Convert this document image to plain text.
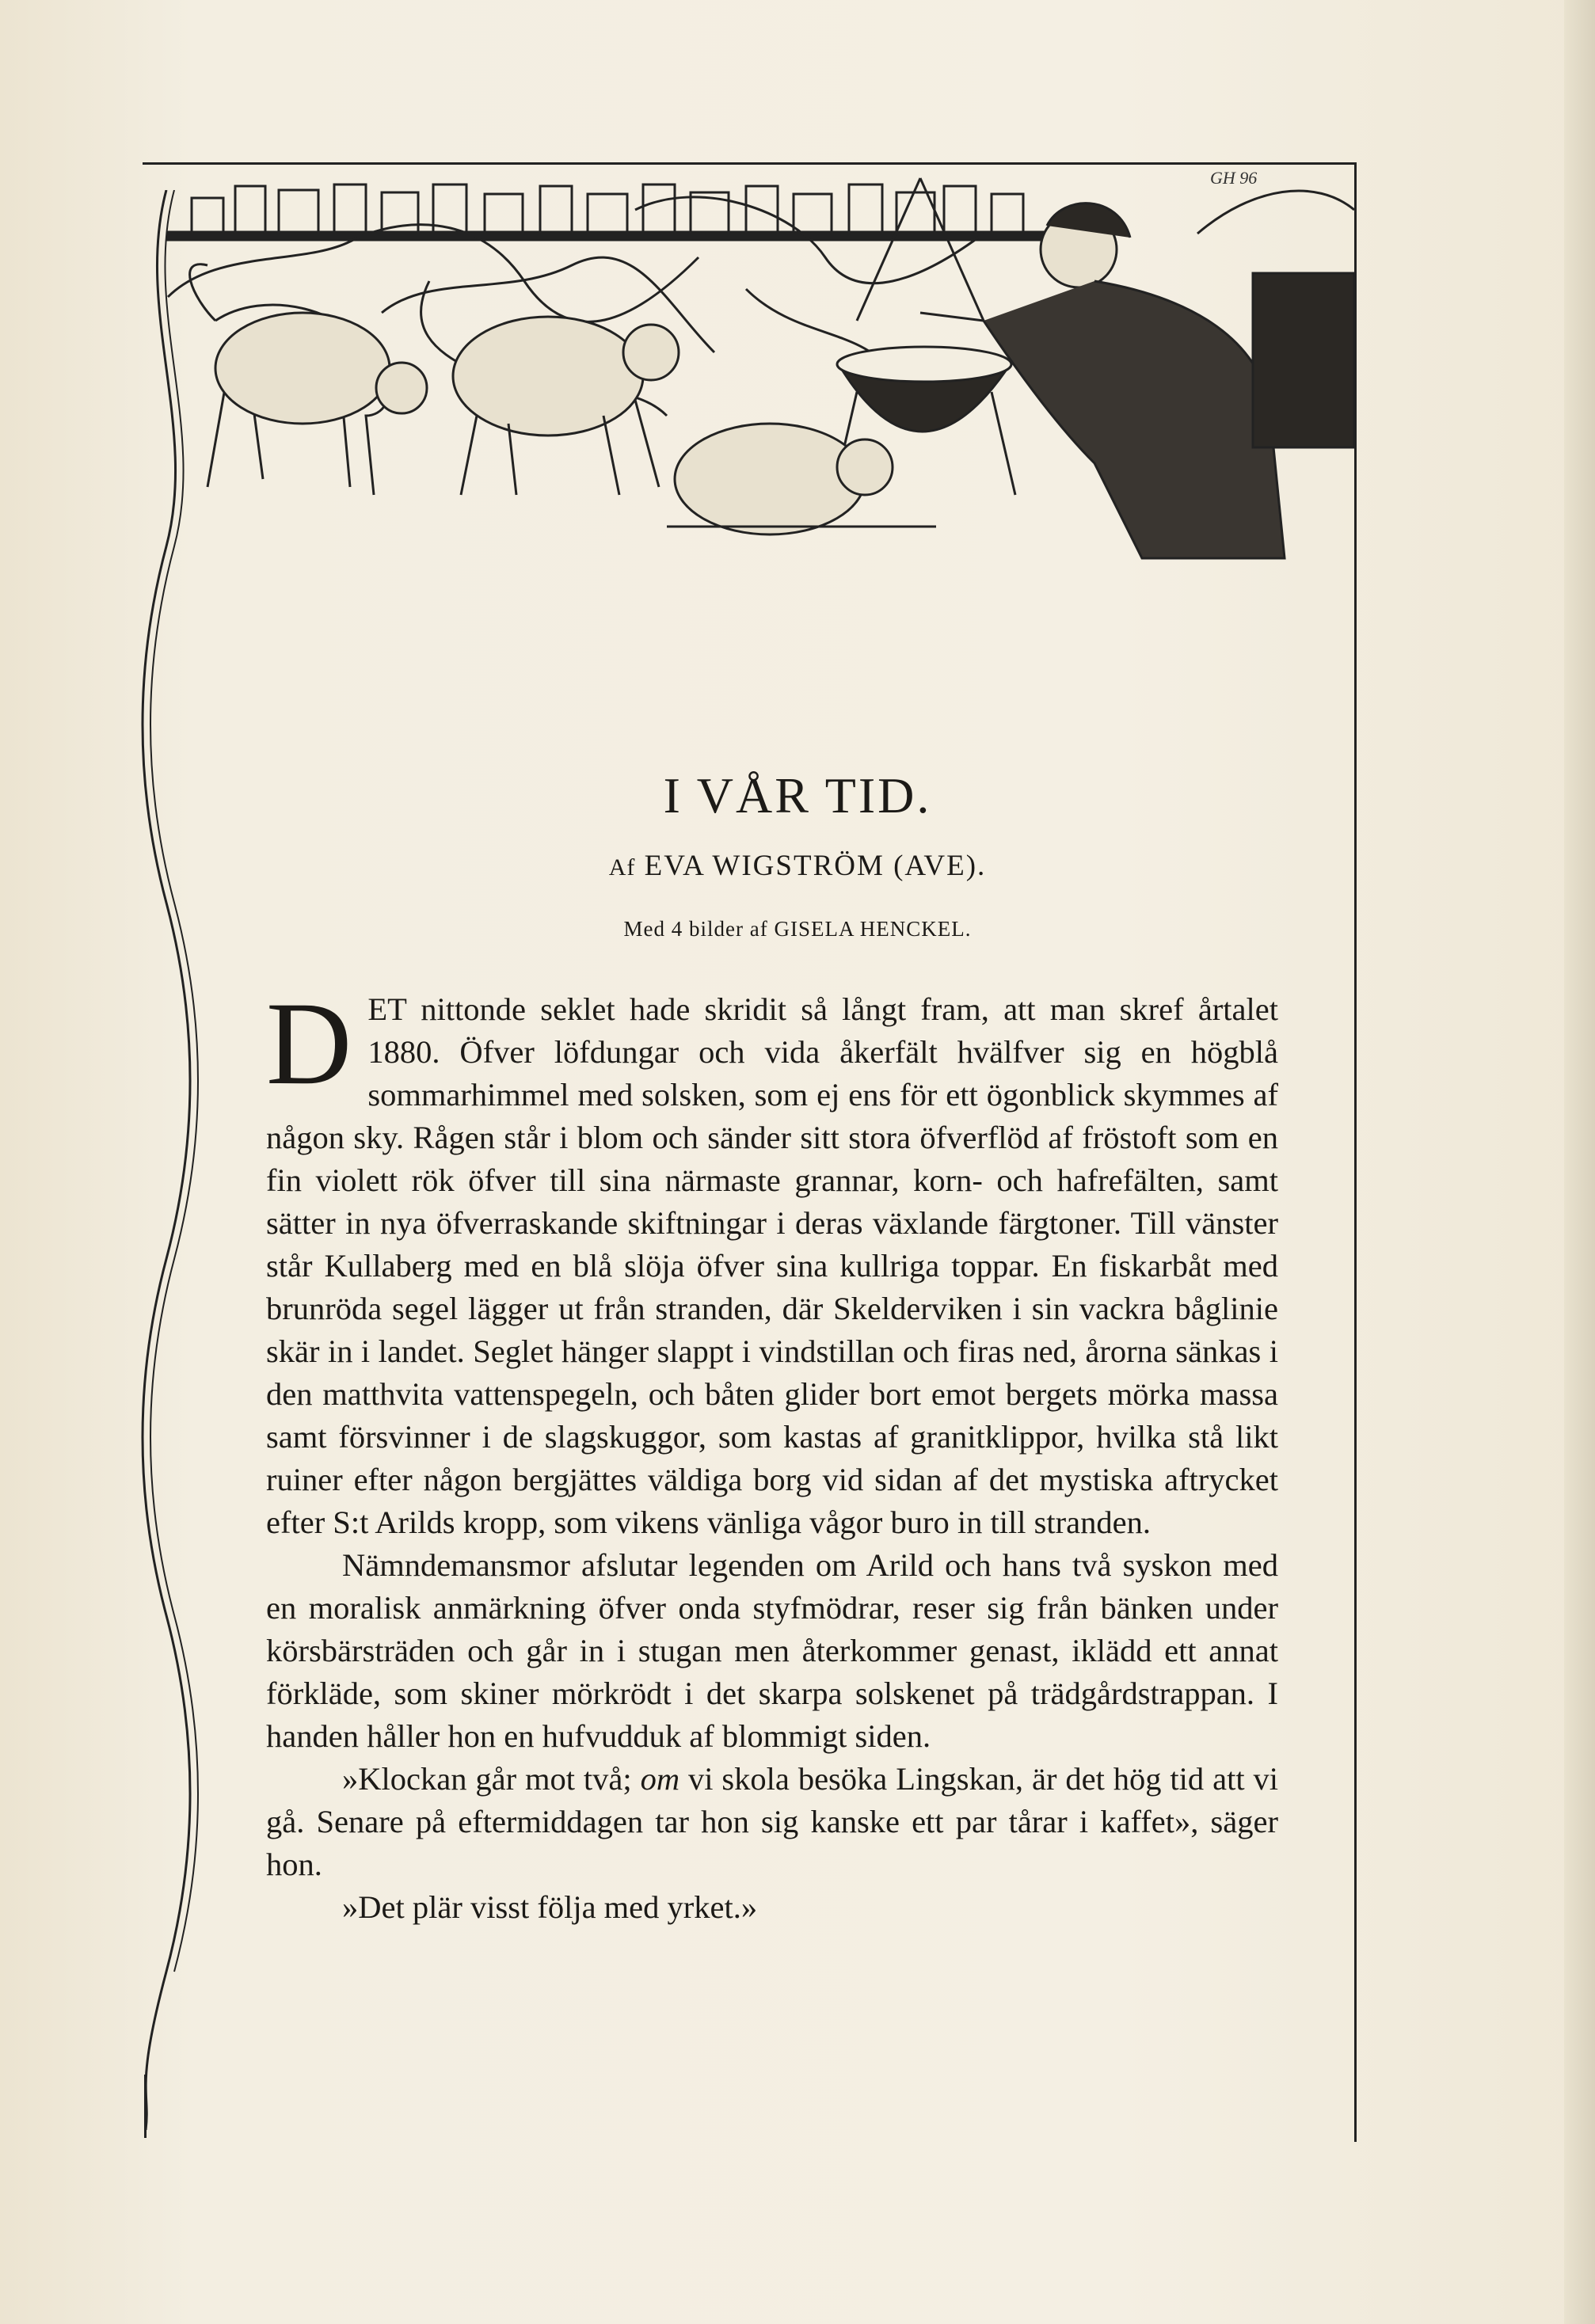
GH 96
I VÅR TID.
Af EVA WIGSTRÖM (AVE).
Med 4 bilder af GISELA HENCKEL.

DET nittonde seklet hade skridit så långt fram, att man skref årtalet 1880. Öfver löfdungar och vida åkerfält hvälfver sig en högblå sommarhimmel med solsken, som ej ens för ett ögonblick skymmes af någon sky. Rågen står i blom och sänder sitt stora öfverflöd af fröstoft som en fin violett rök öfver till sina närmaste grannar, korn- och hafrefälten, samt sätter in nya öfverraskande skiftningar i deras växlande färgtoner. Till vänster står Kullaberg med en blå slöja öfver sina kullriga toppar. En fiskarbåt med brunröda segel lägger ut från stranden, där Skelderviken i sin vackra båglinie skär in i landet. Seglet hänger slappt i vindstillan och firas ned, årorna sänkas i den matthvita vattenspegeln, och båten glider bort emot bergets mörka massa samt försvinner i de slagskuggor, som kastas af granitklippor, hvilka stå likt ruiner efter någon bergjättes väldiga borg vid sidan af det mystiska aftrycket efter S:t Arilds kropp, som vikens vänliga vågor buro in till stranden.

Nämndemansmor afslutar legenden om Arild och hans två syskon med en moralisk anmärkning öfver onda styfmödrar, reser sig från bänken under körsbärsträden och går in i stugan men återkommer genast, iklädd ett annat förkläde, som skiner mörkrödt i det skarpa solskenet på trädgårdstrappan. I handen håller hon en hufvudduk af blommigt siden.

»Klockan går mot två; om vi skola besöka Lingskan, är det hög tid att vi gå. Senare på eftermiddagen tar hon sig kanske ett par tårar i kaffet», säger hon.

»Det plär visst följa med yrket.»
